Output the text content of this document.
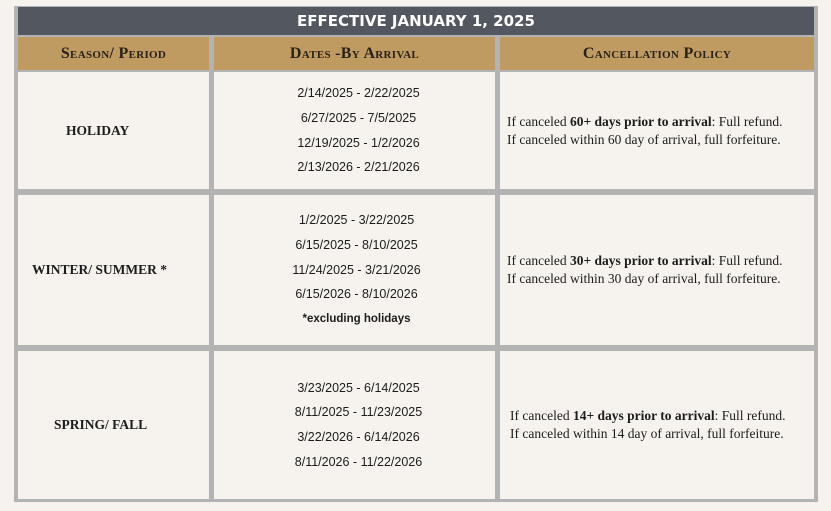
EFFECTIVE JANUARY 1, 2025
Season/ Period	Dates -By Arrival	Cancellation Policy
HOLIDAY
2/14/2025 - 2/22/2025
6/27/2025 - 7/5/2025
12/19/2025 - 1/2/2026
2/13/2026 - 2/21/2026
If canceled 60+ days prior to arrival: Full refund.
If canceled within 60 day of arrival, full forfeiture.
WINTER/ SUMMER *
1/2/2025 - 3/22/2025
6/15/2025 - 8/10/2025
11/24/2025 - 3/21/2026
6/15/2026 - 8/10/2026
*excluding holidays
If canceled 30+ days prior to arrival: Full refund.
If canceled within 30 day of arrival, full forfeiture.
SPRING/ FALL
3/23/2025 - 6/14/2025
8/11/2025 - 11/23/2025
3/22/2026 - 6/14/2026
8/11/2026 - 11/22/2026
If canceled 14+ days prior to arrival: Full refund.
If canceled within 14 day of arrival, full forfeiture.
